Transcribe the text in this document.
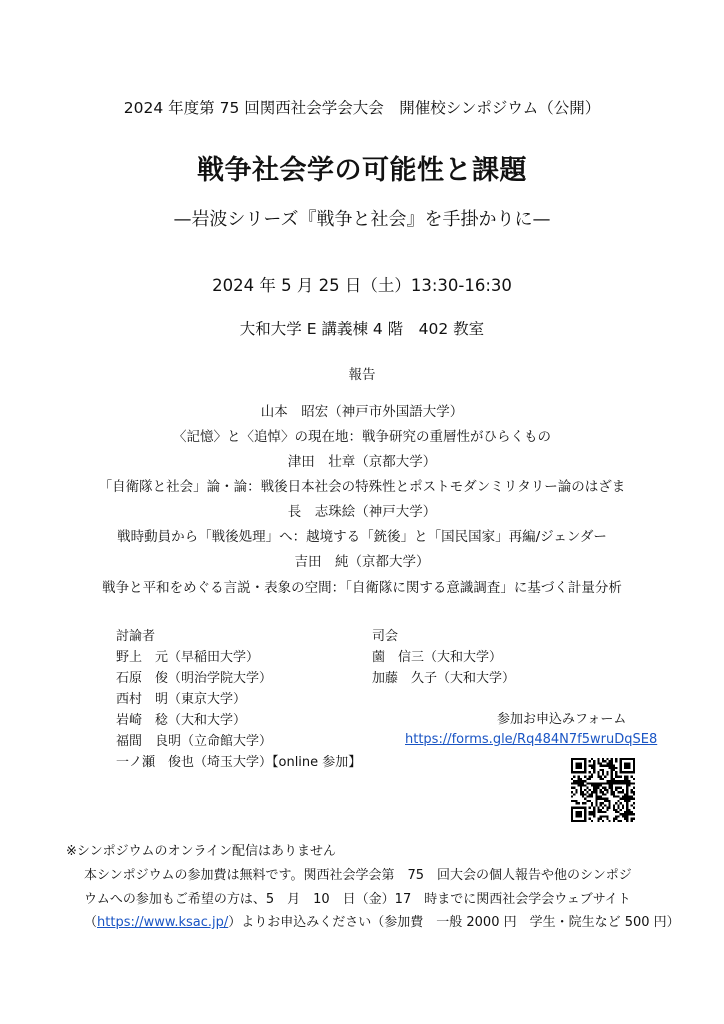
2024 年度第 75 回関西社会学会大会　開催校シンポジウム（公開）
戦争社会学の可能性と課題
—岩波シリーズ『戦争と社会』を手掛かりに—
2024 年 5 月 25 日（土）13:30-16:30
大和大学 E 講義棟 4 階　402 教室
報告
山本　昭宏（神戸市外国語大学）
〈記憶〉と〈追悼〉の現在地：戦争研究の重層性がひらくもの
津田　壮章（京都大学）
「自衛隊と社会」論・論：戦後日本社会の特殊性とポストモダンミリタリー論のはざま
長　志珠絵（神戸大学）
戦時動員から「戦後処理」へ：越境する「銃後」と「国民国家」再編/ジェンダー
吉田　純（京都大学）
戦争と平和をめぐる言説・表象の空間：「自衛隊に関する意識調査」に基づく計量分析
討論者
野上　元（早稲田大学）
石原　俊（明治学院大学）
西村　明（東京大学）
岩崎　稔（大和大学）
福間　良明（立命館大学）
一ノ瀬　俊也（埼玉大学）【online 参加】
司会
薗　信三（大和大学）
加藤　久子（大和大学）
参加お申込みフォーム
https://forms.gle/Rq484N7f5wruDqSE8
※シンポジウムのオンライン配信はありません
本シンポジウムの参加費は無料です。関西社会学会第　75　回大会の個人報告や他のシンポジ
ウムへの参加もご希望の方は、5　月　10　日（金）17　時までに関西社会学会ウェブサイト
（https://www.ksac.jp/）よりお申込みください（参加費　一般 2000 円　学生・院生など 500 円）
